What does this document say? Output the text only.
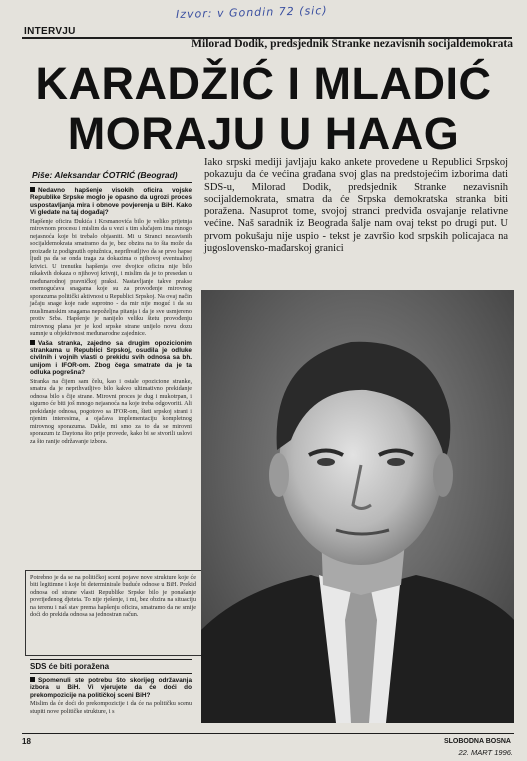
INTERVJU
Izvor: v Gondin 72 (sic)
Milorad Dodik, predsjednik Stranke nezavisnih socijaldemokrata
KARADŽIĆ I MLADIĆ
MORAJU U HAAG
Piše: Aleksandar ĆOTRIĆ (Beograd)
Iako srpski mediji javljaju kako ankete provedene u Republici Srpskoj pokazuju da će većina građana svoj glas na predstojećim izborima dati SDS-u, Milorad Dodik, predsjednik Stranke nezavisnih socijaldemokrata, smatra da će Srpska demokratska stranka biti poražena. Nasuprot tome, svojoj stranci predviđa osvajanje relativne većine. Naš saradnik iz Beograda šalje nam ovaj tekst po drugi put. U prvom pokušaju nije uspio - tekst je završio kod srpskih policajaca na jugoslovensko-mađarskoj granici
Nedavno hapšenje visokih oficira vojske Republike Srpske moglo je opasno da ugrozi proces uspostavljanja mira i obnove povjerenja u BiH. Kako Vi gledate na taj događaj?
Hapšenje oficira Đukića i Krsmanovića bilo je veliko prijetnja mirovnom procesu i mislim da u vezi s tim slučajem ima mnogo nejasnoća koje bi trebalo objasniti. Mi u Stranci nezavisnih socijaldemokrata smatramo da je, bez obzira na to šta može da proizađe iz podignutih optužnica, neprihvatljivo da se prvo hapse ljudi pa da se onda traga za dokazima o njihovoj eventualnoj krivici. U trenutku hapšenja ove dvojice oficira nije bilo nikakvih dokaza o njihovoj krivnji, i mislim da je to presedan u međunarodnoj pravničkoj praksi. Nastavljanje takve prakse onemogućava snagama koje su za provođenje mirovnog sporazuma politički aktivnost u Republici Srpskoj. Na ovaj način jačaju snage koje rade suprotno - da mir nije moguć i da su muslimanskim snagama nepoželjna pitanja i da je sve usmjereno protiv Srba. Hapšenje je nanijelo veliku štetu provođenju mirovnog plana jer je kod srpske strane unijelo novu dozu sumnje u objektivnost međunarodne zajednice.
Vaša stranka, zajedno sa drugim opozicionim strankama u Republici Srpskoj, osudila je odluke civilnih i vojnih vlasti o prekidu svih odnosa sa bh. unijom i IFOR-om. Zbog čega smatrate da je ta odluka pogrešna?
Stranka na čijem sam čelu, kao i ostale opozicione stranke, smatra da je neprihvatljivo bilo kakvo ultimativno prekidanje odnosa bilo s čije strane. Mirovni proces je dug i mukotrpan, i sigurno će biti još mnogo nejasnoća na koje treba odgovoriti. Ali prekidanje odnosa, pogotovo sa IFOR-om, šteti srpskoj strani i njenim interesima, a ojačava implementaciju kompletnog mirovnog sporazuma. Dakle, mi smo za to da se mirovni sporazum iz Daytona što prije provede, kako bi se stvorili uslovi za što ranije održavanje izbora.
Potrebno je da se na političkoj sceni pojave nove strukture koje će biti legitimne i koje bi determinirale buduće odnose u BiH. Prekid odnosa od strane vlasti Republike Srpske bilo je ponašanje povrijeđenog djeteta. To nije rješenje, i mi, bez obzira na situaciju na terenu i naš stav prema hapšenju oficira, smatramo da ne smije doći do prekida odnosa sa jednostran račun.
SDS će biti poražena
Spomenuli ste potrebu što skorijeg održavanja izbora u BiH. Vi vjerujete da će doći do prekompozicije na političkoj sceni BiH?
Mislim da će doći do prekompozicije i da će na političku scenu stupiti nove političke strukture, i s
18	SLOBODNA BOSNA
22. MART 1996.
